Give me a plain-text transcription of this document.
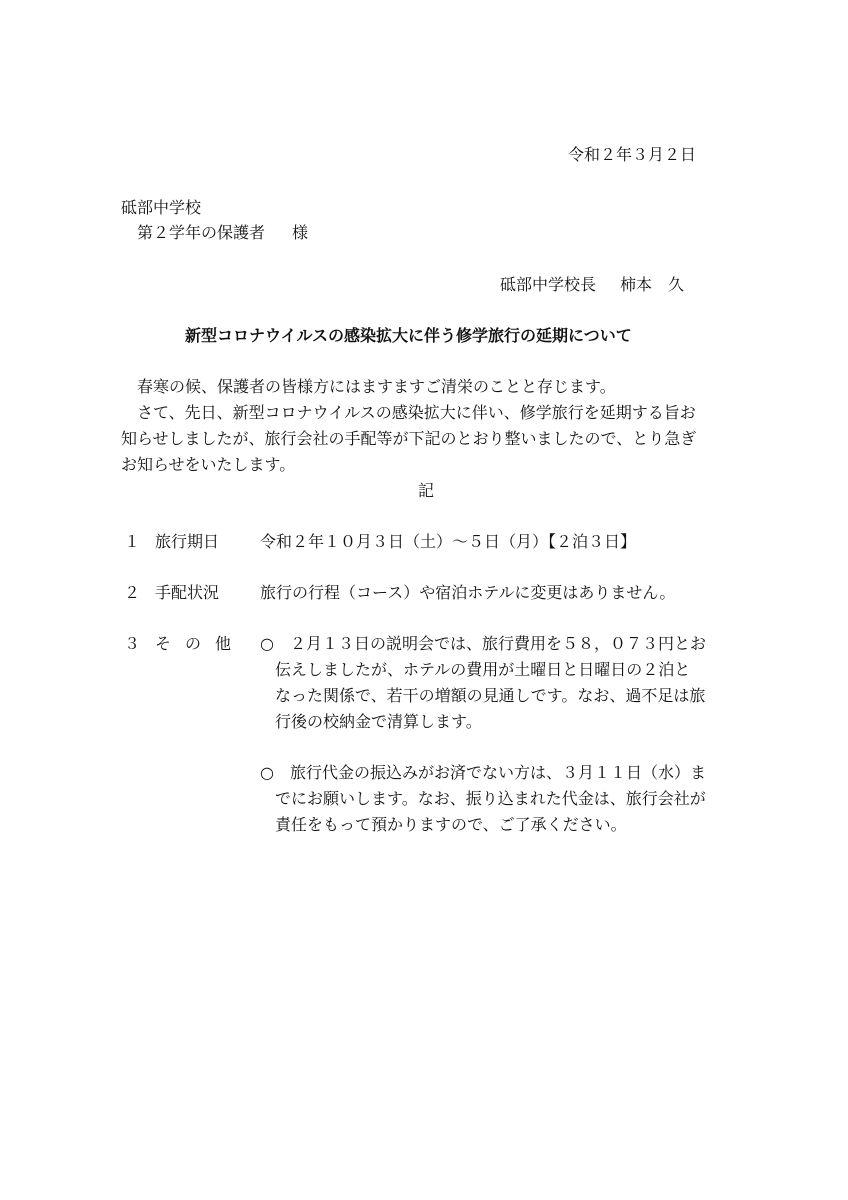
令和２年３月２日
砥部中学校
第２学年の保護者 様
砥部中学校長 柿本　久
新型コロナウイルスの感染拡大に伴う修学旅行の延期について
春寒の候、保護者の皆様方にはますますご清栄のことと存じます。
さて、先日、新型コロナウイルスの感染拡大に伴い、修学旅行を延期する旨お
知らせしましたが、旅行会社の手配等が下記のとおり整いましたので、とり急ぎ
お知らせをいたします。
記
１ 旅行期日	令和２年１０月３日（土）～５日（月）【２泊３日】
２ 手配状況	旅行の行程（コース）や宿泊ホテルに変更はありません。
３ その他 ○　２月１３日の説明会では、旅行費用を５８，０７３円とお
伝えしましたが、ホテルの費用が土曜日と日曜日の２泊と
なった関係で、若干の増額の見通しです。なお、過不足は旅
行後の校納金で清算します。
○　旅行代金の振込みがお済でない方は、３月１１日（水）ま
でにお願いします。なお、振り込まれた代金は、旅行会社が
責任をもって預かりますので、ご了承ください。
